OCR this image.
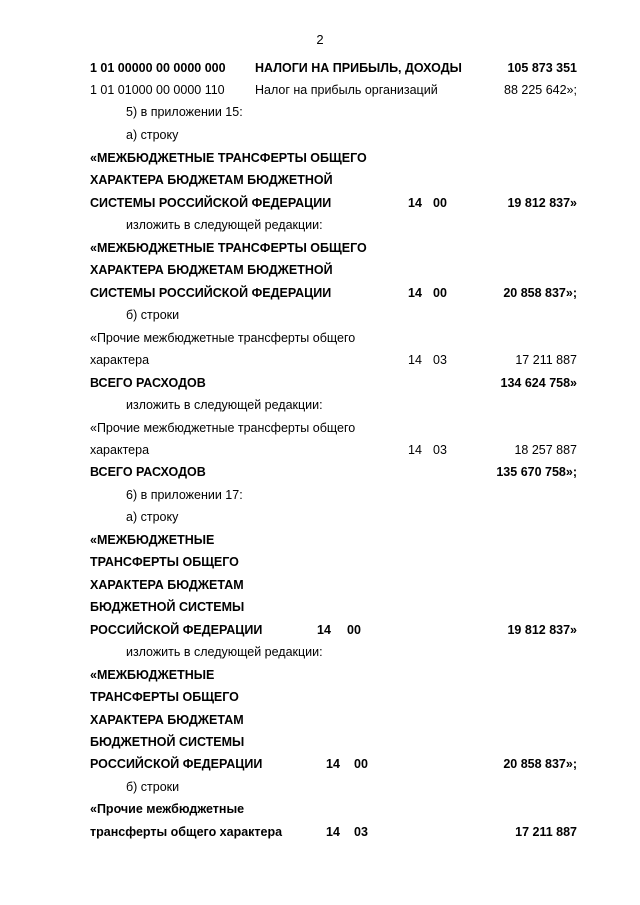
2
1 01 00000 00 0000 000 НАЛОГИ НА ПРИБЫЛЬ, ДОХОДЫ	105 873 351
1 01 01000 00 0000 110 Налог на прибыль организаций	88 225 642»;
5) в приложении 15:
а) строку
«МЕЖБЮДЖЕТНЫЕ ТРАНСФЕРТЫ ОБЩЕГО
ХАРАКТЕРА БЮДЖЕТАМ БЮДЖЕТНОЙ
СИСТЕМЫ РОССИЙСКОЙ ФЕДЕРАЦИИ	14 00	19 812 837»
изложить в следующей редакции:
«МЕЖБЮДЖЕТНЫЕ ТРАНСФЕРТЫ ОБЩЕГО
ХАРАКТЕРА БЮДЖЕТАМ БЮДЖЕТНОЙ
СИСТЕМЫ РОССИЙСКОЙ ФЕДЕРАЦИИ	14 00	20 858 837»;
б) строки
«Прочие межбюджетные трансферты общего
характера	14 03	17 211 887
ВСЕГО РАСХОДОВ	134 624 758»
изложить в следующей редакции:
«Прочие межбюджетные трансферты общего
характера	14 03	18 257 887
ВСЕГО РАСХОДОВ	135 670 758»;
6) в приложении 17:
а) строку
«МЕЖБЮДЖЕТНЫЕ
ТРАНСФЕРТЫ ОБЩЕГО
ХАРАКТЕРА БЮДЖЕТАМ
БЮДЖЕТНОЙ СИСТЕМЫ
РОССИЙСКОЙ ФЕДЕРАЦИИ	14 00	19 812 837»
изложить в следующей редакции:
«МЕЖБЮДЖЕТНЫЕ
ТРАНСФЕРТЫ ОБЩЕГО
ХАРАКТЕРА БЮДЖЕТАМ
БЮДЖЕТНОЙ СИСТЕМЫ
РОССИЙСКОЙ ФЕДЕРАЦИИ	14 00	20 858 837»;
б) строки
«Прочие межбюджетные
трансферты общего характера	14 03	17 211 887
